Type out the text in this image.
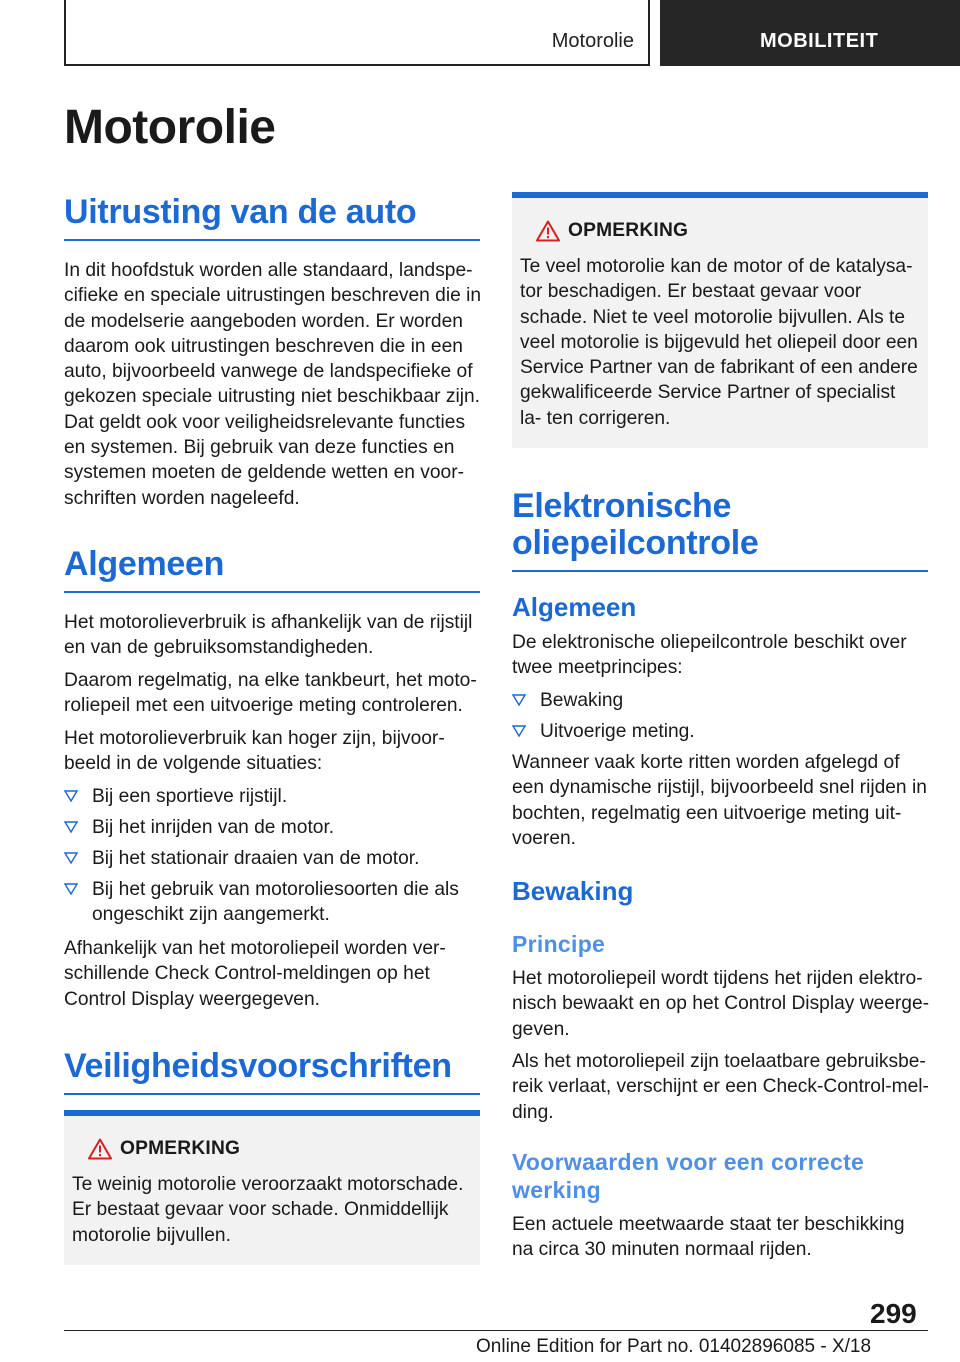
Motorolie	MOBILITEIT
Motorolie
Uitrusting van de auto

In dit hoofdstuk worden alle standaard, landspe‐ cifieke en speciale uitrustingen beschreven die in de modelserie aangeboden worden. Er worden daarom ook uitrustingen beschreven die in een auto, bijvoorbeeld vanwege de landspecifieke of gekozen speciale uitrusting niet beschikbaar zijn. Dat geldt ook voor veiligheidsrelevante functies en systemen. Bij gebruik van deze functies en systemen moeten de geldende wetten en voor‐ schriften worden nageleefd.

Algemeen

Het motorolieverbruik is afhankelijk van de rijstijl en van de gebruiksomstandigheden.

Daarom regelmatig, na elke tankbeurt, het moto‐ roliepeil met een uitvoerige meting controleren.

Het motorolieverbruik kan hoger zijn, bijvoor‐ beeld in de volgende situaties:

Bij een sportieve rijstijl.
Bij het inrijden van de motor.
Bij het stationair draaien van de motor.
Bij het gebruik van motoroliesoorten die als ongeschikt zijn aangemerkt.

Afhankelijk van het motoroliepeil worden ver‐ schillende Check Control-meldingen op het Control Display weergegeven.

Veiligheidsvoorschriften
OPMERKING

Te weinig motorolie veroorzaakt motorschade. Er bestaat gevaar voor schade. Onmiddellijk motorolie bijvullen.

OPMERKING

Te veel motorolie kan de motor of de katalysa‐ tor beschadigen. Er bestaat gevaar voor schade. Niet te veel motorolie bijvullen. Als te veel motorolie is bijgevuld het oliepeil door een Service Partner van de fabrikant of een andere gekwalificeerde Service Partner of specialist la‐ ten corrigeren.

Elektronische
oliepeilcontrole
Algemeen

De elektronische oliepeilcontrole beschikt over twee meetprincipes:

Bewaking
Uitvoerige meting.

Wanneer vaak korte ritten worden afgelegd of een dynamische rijstijl, bijvoorbeeld snel rijden in bochten, regelmatig een uitvoerige meting uit‐ voeren.

Bewaking
Principe

Het motoroliepeil wordt tijdens het rijden elektro‐ nisch bewaakt en op het Control Display weerge‐ geven.

Als het motoroliepeil zijn toelaatbare gebruiksbe‐ reik verlaat, verschijnt er een Check-Control-mel‐ ding.

Voorwaarden voor een correcte
werking

Een actuele meetwaarde staat ter beschikking na circa 30 minuten normaal rijden.

299
Online Edition for Part no. 01402896085 - X/18
